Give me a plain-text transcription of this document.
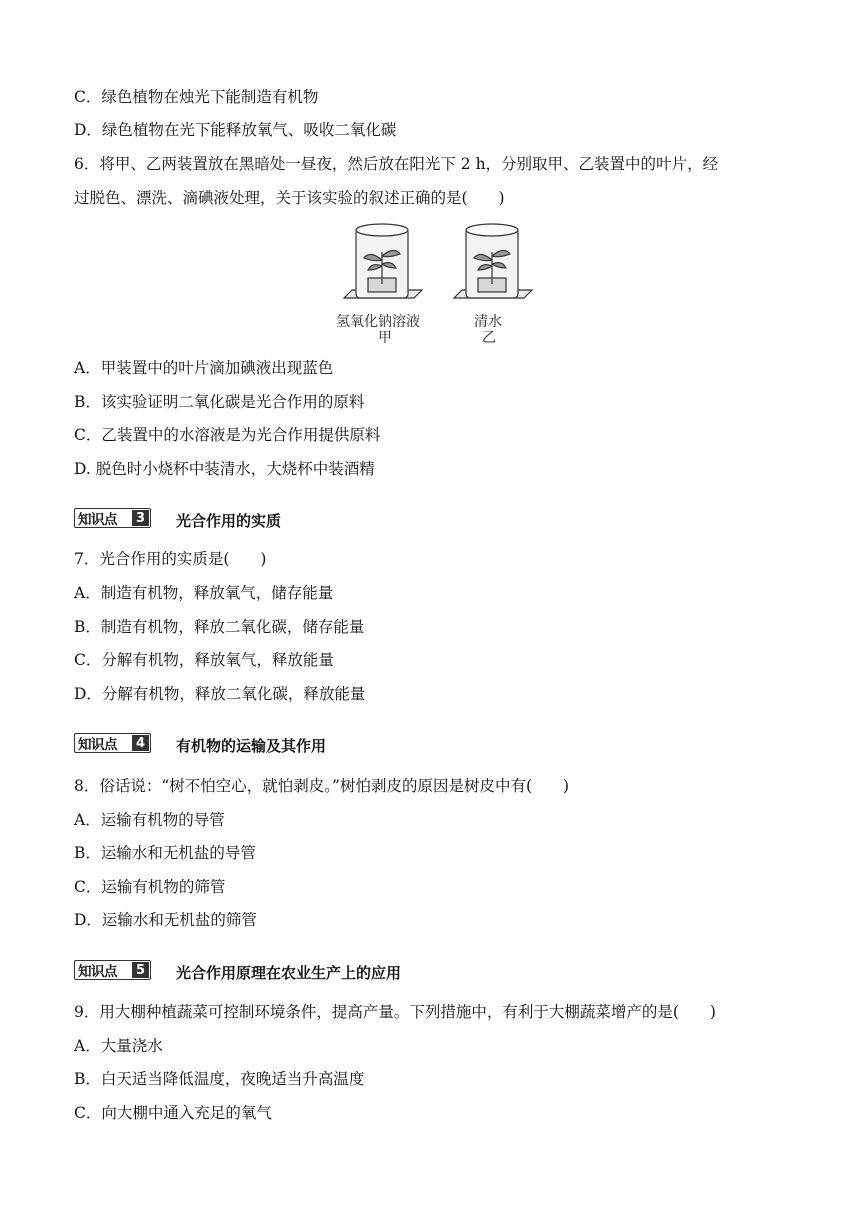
C．绿色植物在烛光下能制造有机物
D．绿色植物在光下能释放氧气、吸收二氧化碳
6．将甲、乙两装置放在黑暗处一昼夜，然后放在阳光下 2 h，分别取甲、乙装置中的叶片，经
过脱色、漂洗、滴碘液处理，关于该实验的叙述正确的是(　　)
氢氧化钠溶液
甲
清水
乙
A．甲装置中的叶片滴加碘液出现蓝色
B．该实验证明二氧化碳是光合作用的原料
C．乙装置中的水溶液是为光合作用提供原料
D. 脱色时小烧杯中装清水，大烧杯中装酒精
知识点	3 光合作用的实质
7．光合作用的实质是(　　)
A．制造有机物，释放氧气，储存能量
B．制造有机物，释放二氧化碳，储存能量
C．分解有机物，释放氧气，释放能量
D．分解有机物，释放二氧化碳，释放能量
知识点	4 有机物的运输及其作用
8．俗话说：“树不怕空心，就怕剥皮。”树怕剥皮的原因是树皮中有(　　)
A．运输有机物的导管
B．运输水和无机盐的导管
C．运输有机物的筛管
D．运输水和无机盐的筛管
知识点	5 光合作用原理在农业生产上的应用
9．用大棚种植蔬菜可控制环境条件，提高产量。下列措施中，有利于大棚蔬菜增产的是(　　)
A．大量浇水
B．白天适当降低温度，夜晚适当升高温度
C．向大棚中通入充足的氧气
